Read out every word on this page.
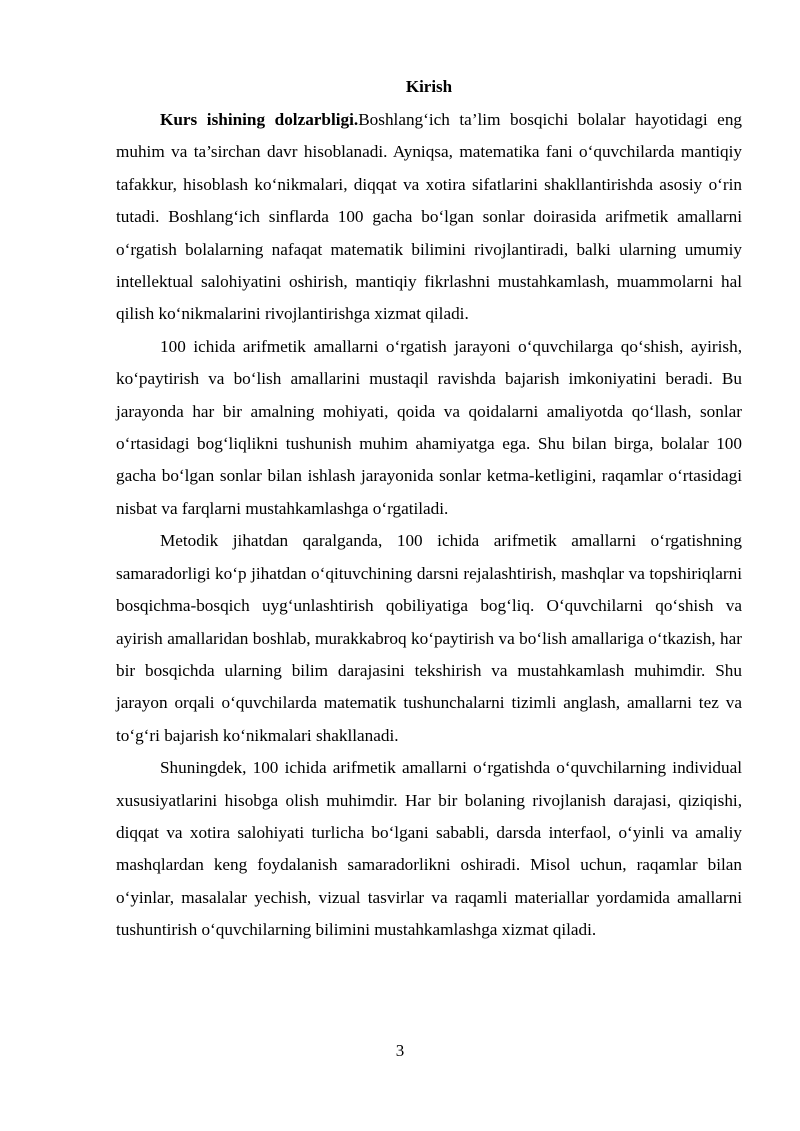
Kirish

Kurs ishining dolzarbligi.Boshlang‘ich ta’lim bosqichi bolalar hayotidagi eng muhim va ta’sirchan davr hisoblanadi. Ayniqsa, matematika fani o‘quvchilarda mantiqiy tafakkur, hisoblash ko‘nikmalari, diqqat va xotira sifatlarini shakllantirishda asosiy o‘rin tutadi. Boshlang‘ich sinflarda 100 gacha bo‘lgan sonlar doirasida arifmetik amallarni o‘rgatish bolalarning nafaqat matematik bilimini rivojlantiradi, balki ularning umumiy intellektual salohiyatini oshirish, mantiqiy fikrlashni mustahkamlash, muammolarni hal qilish ko‘nikmalarini rivojlantirishga xizmat qiladi.

100 ichida arifmetik amallarni o‘rgatish jarayoni o‘quvchilarga qo‘shish, ayirish, ko‘paytirish va bo‘lish amallarini mustaqil ravishda bajarish imkoniyatini beradi. Bu jarayonda har bir amalning mohiyati, qoida va qoidalarni amaliyotda qo‘llash, sonlar o‘rtasidagi bog‘liqlikni tushunish muhim ahamiyatga ega. Shu bilan birga, bolalar 100 gacha bo‘lgan sonlar bilan ishlash jarayonida sonlar ketma-ketligini, raqamlar o‘rtasidagi nisbat va farqlarni mustahkamlashga o‘rgatiladi.

Metodik jihatdan qaralganda, 100 ichida arifmetik amallarni o‘rgatishning samaradorligi ko‘p jihatdan o‘qituvchining darsni rejalashtirish, mashqlar va topshiriqlarni bosqichma-bosqich uyg‘unlashtirish qobiliyatiga bog‘liq. O‘quvchilarni qo‘shish va ayirish amallaridan boshlab, murakkabroq ko‘paytirish va bo‘lish amallariga o‘tkazish, har bir bosqichda ularning bilim darajasini tekshirish va mustahkamlash muhimdir. Shu jarayon orqali o‘quvchilarda matematik tushunchalarni tizimli anglash, amallarni tez va to‘g‘ri bajarish ko‘nikmalari shakllanadi.

Shuningdek, 100 ichida arifmetik amallarni o‘rgatishda o‘quvchilarning individual xususiyatlarini hisobga olish muhimdir. Har bir bolaning rivojlanish darajasi, qiziqishi, diqqat va xotira salohiyati turlicha bo‘lgani sababli, darsda interfaol, o‘yinli va amaliy mashqlardan keng foydalanish samaradorlikni oshiradi. Misol uchun, raqamlar bilan o‘yinlar, masalalar yechish, vizual tasvirlar va raqamli materiallar yordamida amallarni tushuntirish o‘quvchilarning bilimini mustahkamlashga xizmat qiladi.

3
